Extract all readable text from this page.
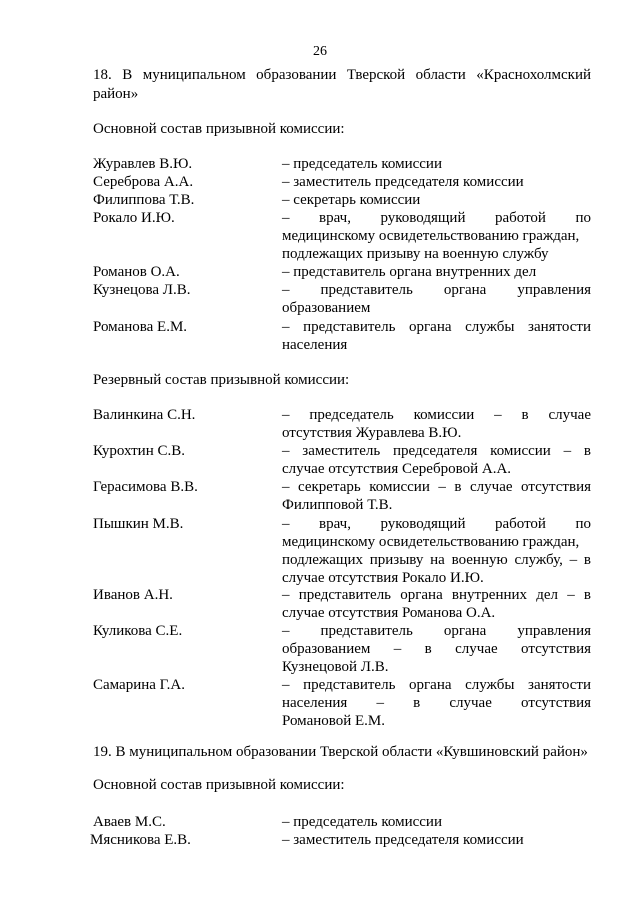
26
18. В муниципальном образовании Тверской области «Краснохолмский
район»
Основной состав призывной комиссии:
Журавлев В.Ю.	– председатель комиссии
Сереброва А.А.	– заместитель председателя комиссии
Филиппова Т.В.	– секретарь комиссии
Рокало И.Ю.	– врач, руководящий работой по
медицинскому освидетельствованию граждан,
подлежащих призыву на военную службу
Романов О.А.	– представитель органа внутренних дел
Кузнецова Л.В.	– представитель органа управления
образованием
Романова Е.М.	– представитель органа службы занятости
населения
Резервный состав призывной комиссии:
Валинкина С.Н.	– председатель комиссии – в случае
отсутствия Журавлева В.Ю.
Курохтин С.В.	– заместитель председателя комиссии – в
случае отсутствия Серебровой А.А.
Герасимова В.В.	– секретарь комиссии – в случае отсутствия
Филипповой Т.В.
Пышкин М.В.	– врач, руководящий работой по
медицинскому освидетельствованию граждан,
подлежащих призыву на военную службу, – в
случае отсутствия Рокало И.Ю.
Иванов А.Н.	– представитель органа внутренних дел – в
случае отсутствия Романова О.А.
Куликова С.Е.	– представитель органа управления
образованием – в случае отсутствия
Кузнецовой Л.В.
Самарина Г.А.	– представитель органа службы занятости
населения – в случае отсутствия
Романовой Е.М.
19. В муниципальном образовании Тверской области «Кувшиновский район»
Основной состав призывной комиссии:
Аваев М.С.	– председатель комиссии
Мясникова Е.В.	– заместитель председателя комиссии
